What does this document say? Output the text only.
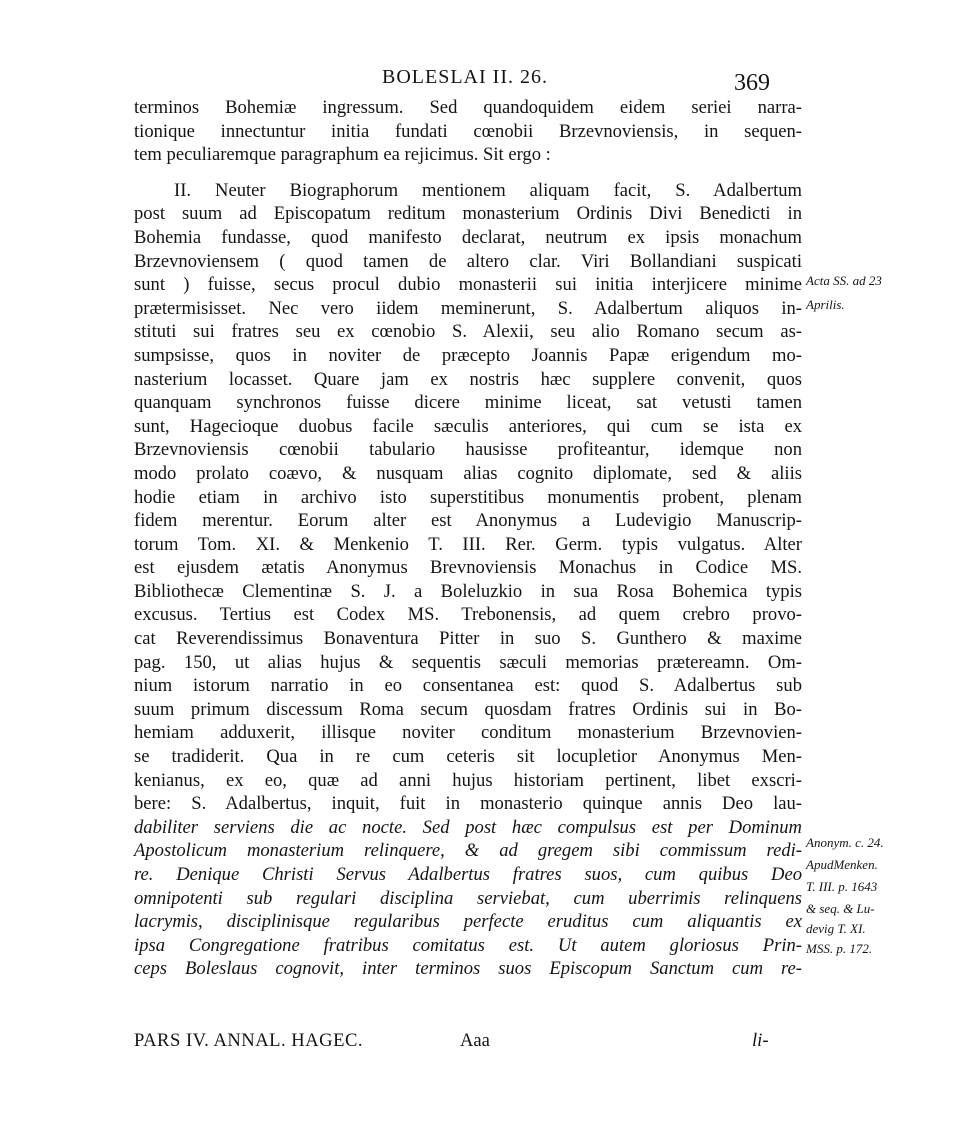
BOLESLAI II. 26.	369
terminos Bohemiæ ingressum. Sed quandoquidem eidem seriei narra-
tionique innectuntur initia fundati cœnobii Brzevnoviensis, in sequen-
tem peculiaremque paragraphum ea rejicimus. Sit ergo :
II. Neuter Biographorum mentionem aliquam facit, S. Adalbertum
post suum ad Episcopatum reditum monasterium Ordinis Divi Benedicti in
Bohemia fundasse, quod manifesto declarat, neutrum ex ipsis monachum
Brzevnoviensem ( quod tamen de altero clar. Viri Bollandiani suspicati
sunt ) fuisse, secus procul dubio monasterii sui initia interjicere minime
prætermisisset. Nec vero iidem meminerunt, S. Adalbertum aliquos in-
stituti sui fratres seu ex cœnobio S. Alexii, seu alio Romano secum as-
sumpsisse, quos in noviter de præcepto Joannis Papæ erigendum mo-
nasterium locasset. Quare jam ex nostris hæc supplere convenit, quos
quanquam synchronos fuisse dicere minime liceat, sat vetusti tamen
sunt, Hagecioque duobus facile sæculis anteriores, qui cum se ista ex
Brzevnoviensis cœnobii tabulario hausisse profiteantur, idemque non
modo prolato coævo, & nusquam alias cognito diplomate, sed & aliis
hodie etiam in archivo isto superstitibus monumentis probent, plenam
fidem merentur. Eorum alter est Anonymus a Ludevigio Manuscrip-
torum Tom. XI. & Menkenio T. III. Rer. Germ. typis vulgatus. Alter
est ejusdem ætatis Anonymus Brevnoviensis Monachus in Codice MS.
Bibliothecæ Clementinæ S. J. a Boleluzkio in sua Rosa Bohemica typis
excusus. Tertius est Codex MS. Trebonensis, ad quem crebro provo-
cat Reverendissimus Bonaventura Pitter in suo S. Gunthero & maxime
pag. 150, ut alias hujus & sequentis sæculi memorias prætereamn. Om-
nium istorum narratio in eo consentanea est: quod S. Adalbertus sub
suum primum discessum Roma secum quosdam fratres Ordinis sui in Bo-
hemiam adduxerit, illisque noviter conditum monasterium Brzevnovien-
se tradiderit. Qua in re cum ceteris sit locupletior Anonymus Men-
kenianus, ex eo, quæ ad anni hujus historiam pertinent, libet exscri-
bere: S. Adalbertus, inquit, fuit in monasterio quinque annis Deo lau-
dabiliter serviens die ac nocte. Sed post hæc compulsus est per Dominum
Apostolicum monasterium relinquere, & ad gregem sibi commissum redi-
re. Denique Christi Servus Adalbertus fratres suos, cum quibus Deo
omnipotenti sub regulari disciplina serviebat, cum uberrimis relinquens
lacrymis, disciplinisque regularibus perfecte eruditus cum aliquantis ex
ipsa Congregatione fratribus comitatus est. Ut autem gloriosus Prin-
ceps Boleslaus cognovit, inter terminos suos Episcopum Sanctum cum re-
Acta SS. ad 23
Aprilis.
Anonym. c. 24.
ApudMenken.
T. III. p. 1643
& seq. & Lu-
devig T. XI.
MSS. p. 172.
PARS IV. ANNAL. HAGEC.	Aaa	li-
